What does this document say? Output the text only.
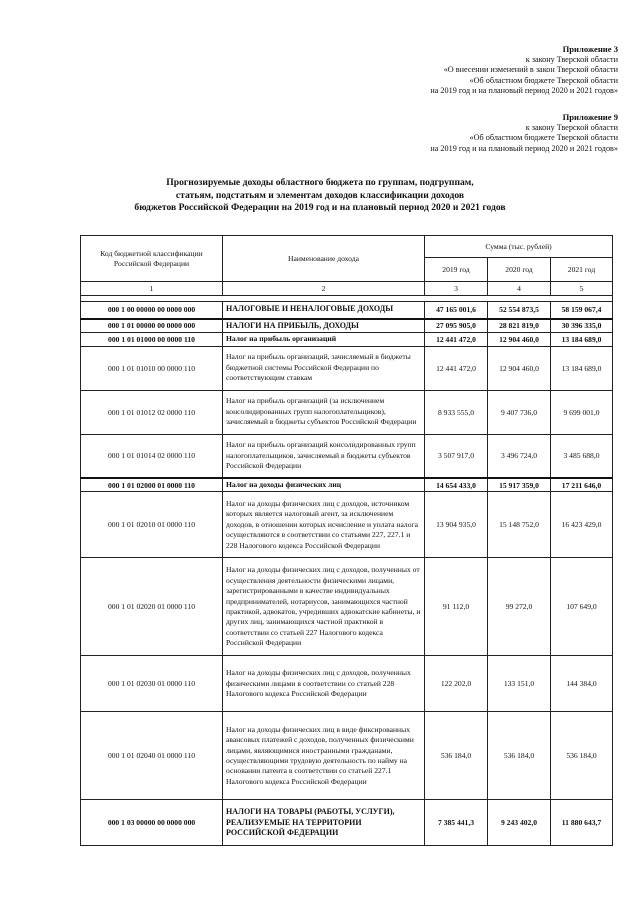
Приложение 3
к закону Тверской области
«О внесении изменений в закон Тверской области
«Об областном бюджете Тверской области
на 2019 год и на плановый период 2020 и 2021 годов»
Приложение 9
к закону Тверской области
«Об областном бюджете Тверской области
на 2019 год и на плановый период 2020 и 2021 годов»
Прогнозируемые доходы областного бюджета по группам, подгруппам,
статьям, подстатьям и элементам доходов классификации доходов
бюджетов Российской Федерации на 2019 год и на плановый период 2020 и 2021 годов
Код бюджетной классификации Российской Федерации	Наименование дохода	Сумма (тыс. рублей)		
		2019 год	2020 год	2021 год
1	2	3	4	5

000 1 00 00000 00 0000 000	НАЛОГОВЫЕ И НЕНАЛОГОВЫЕ ДОХОДЫ	47 165 001,6	52 554 873,5	58 159 067,4
000 1 01 00000 00 0000 000	НАЛОГИ НА ПРИБЫЛЬ, ДОХОДЫ	27 095 905,0	28 821 819,0	30 396 335,0
000 1 01 01000 00 0000 110	Налог на прибыль организаций	12 441 472,0	12 904 460,0	13 184 689,0
000 1 01 01010 00 0000 110	Налог на прибыль организаций, зачисляемый в бюджеты бюджетной системы Российской Федерации по соответствующим ставкам	12 441 472,0	12 904 460,0	13 184 689,0
000 1 01 01012 02 0000 110	Налог на прибыль организаций (за исключением консолидированных групп налогоплательщиков), зачисляемый в бюджеты субъектов Российской Федерации	8 933 555,0	9 407 736,0	9 699 001,0
000 1 01 01014 02 0000 110	Налог на прибыль организаций консолидированных групп налогоплательщиков, зачисляемый в бюджеты субъектов Российской Федерации	3 507 917,0	3 496 724,0	3 485 688,0
000 1 01 02000 01 0000 110	Налог на доходы физических лиц	14 654 433,0	15 917 359,0	17 211 646,0
000 1 01 02010 01 0000 110	Налог на доходы физических лиц с доходов, источником которых является налоговый агент, за исключением доходов, в отношении которых исчисление и уплата налога осуществляются в соответствии со статьями 227, 227.1 и 228 Налогового кодекса Российской Федерации	13 904 935,0	15 148 752,0	16 423 429,0
000 1 01 02020 01 0000 110	Налог на доходы физических лиц с доходов, полученных от осуществления деятельности физическими лицами, зарегистрированными в качестве индивидуальных предпринимателей, нотариусов, занимающихся частной практикой, адвокатов, учредивших адвокатские кабинеты, и других лиц, занимающихся частной практикой в соответствии со статьей 227 Налогового кодекса Российской Федерации	91 112,0	99 272,0	107 649,0
000 1 01 02030 01 0000 110	Налог на доходы физических лиц с доходов, полученных физическими лицами в соответствии со статьей 228 Налогового кодекса Российской Федерации	122 202,0	133 151,0	144 384,0
000 1 01 02040 01 0000 110	Налог на доходы физических лиц в виде фиксированных авансовых платежей с доходов, полученных физическими лицами, являющимися иностранными гражданами, осуществляющими трудовую деятельность по найму на основании патента в соответствии со статьей 227.1 Налогового кодекса Российской Федерации	536 184,0	536 184,0	536 184,0
000 1 03 00000 00 0000 000	НАЛОГИ НА ТОВАРЫ (РАБОТЫ, УСЛУГИ), РЕАЛИЗУЕМЫЕ НА ТЕРРИТОРИИ РОССИЙСКОЙ ФЕДЕРАЦИИ	7 385 441,3	9 243 402,0	11 880 643,7
